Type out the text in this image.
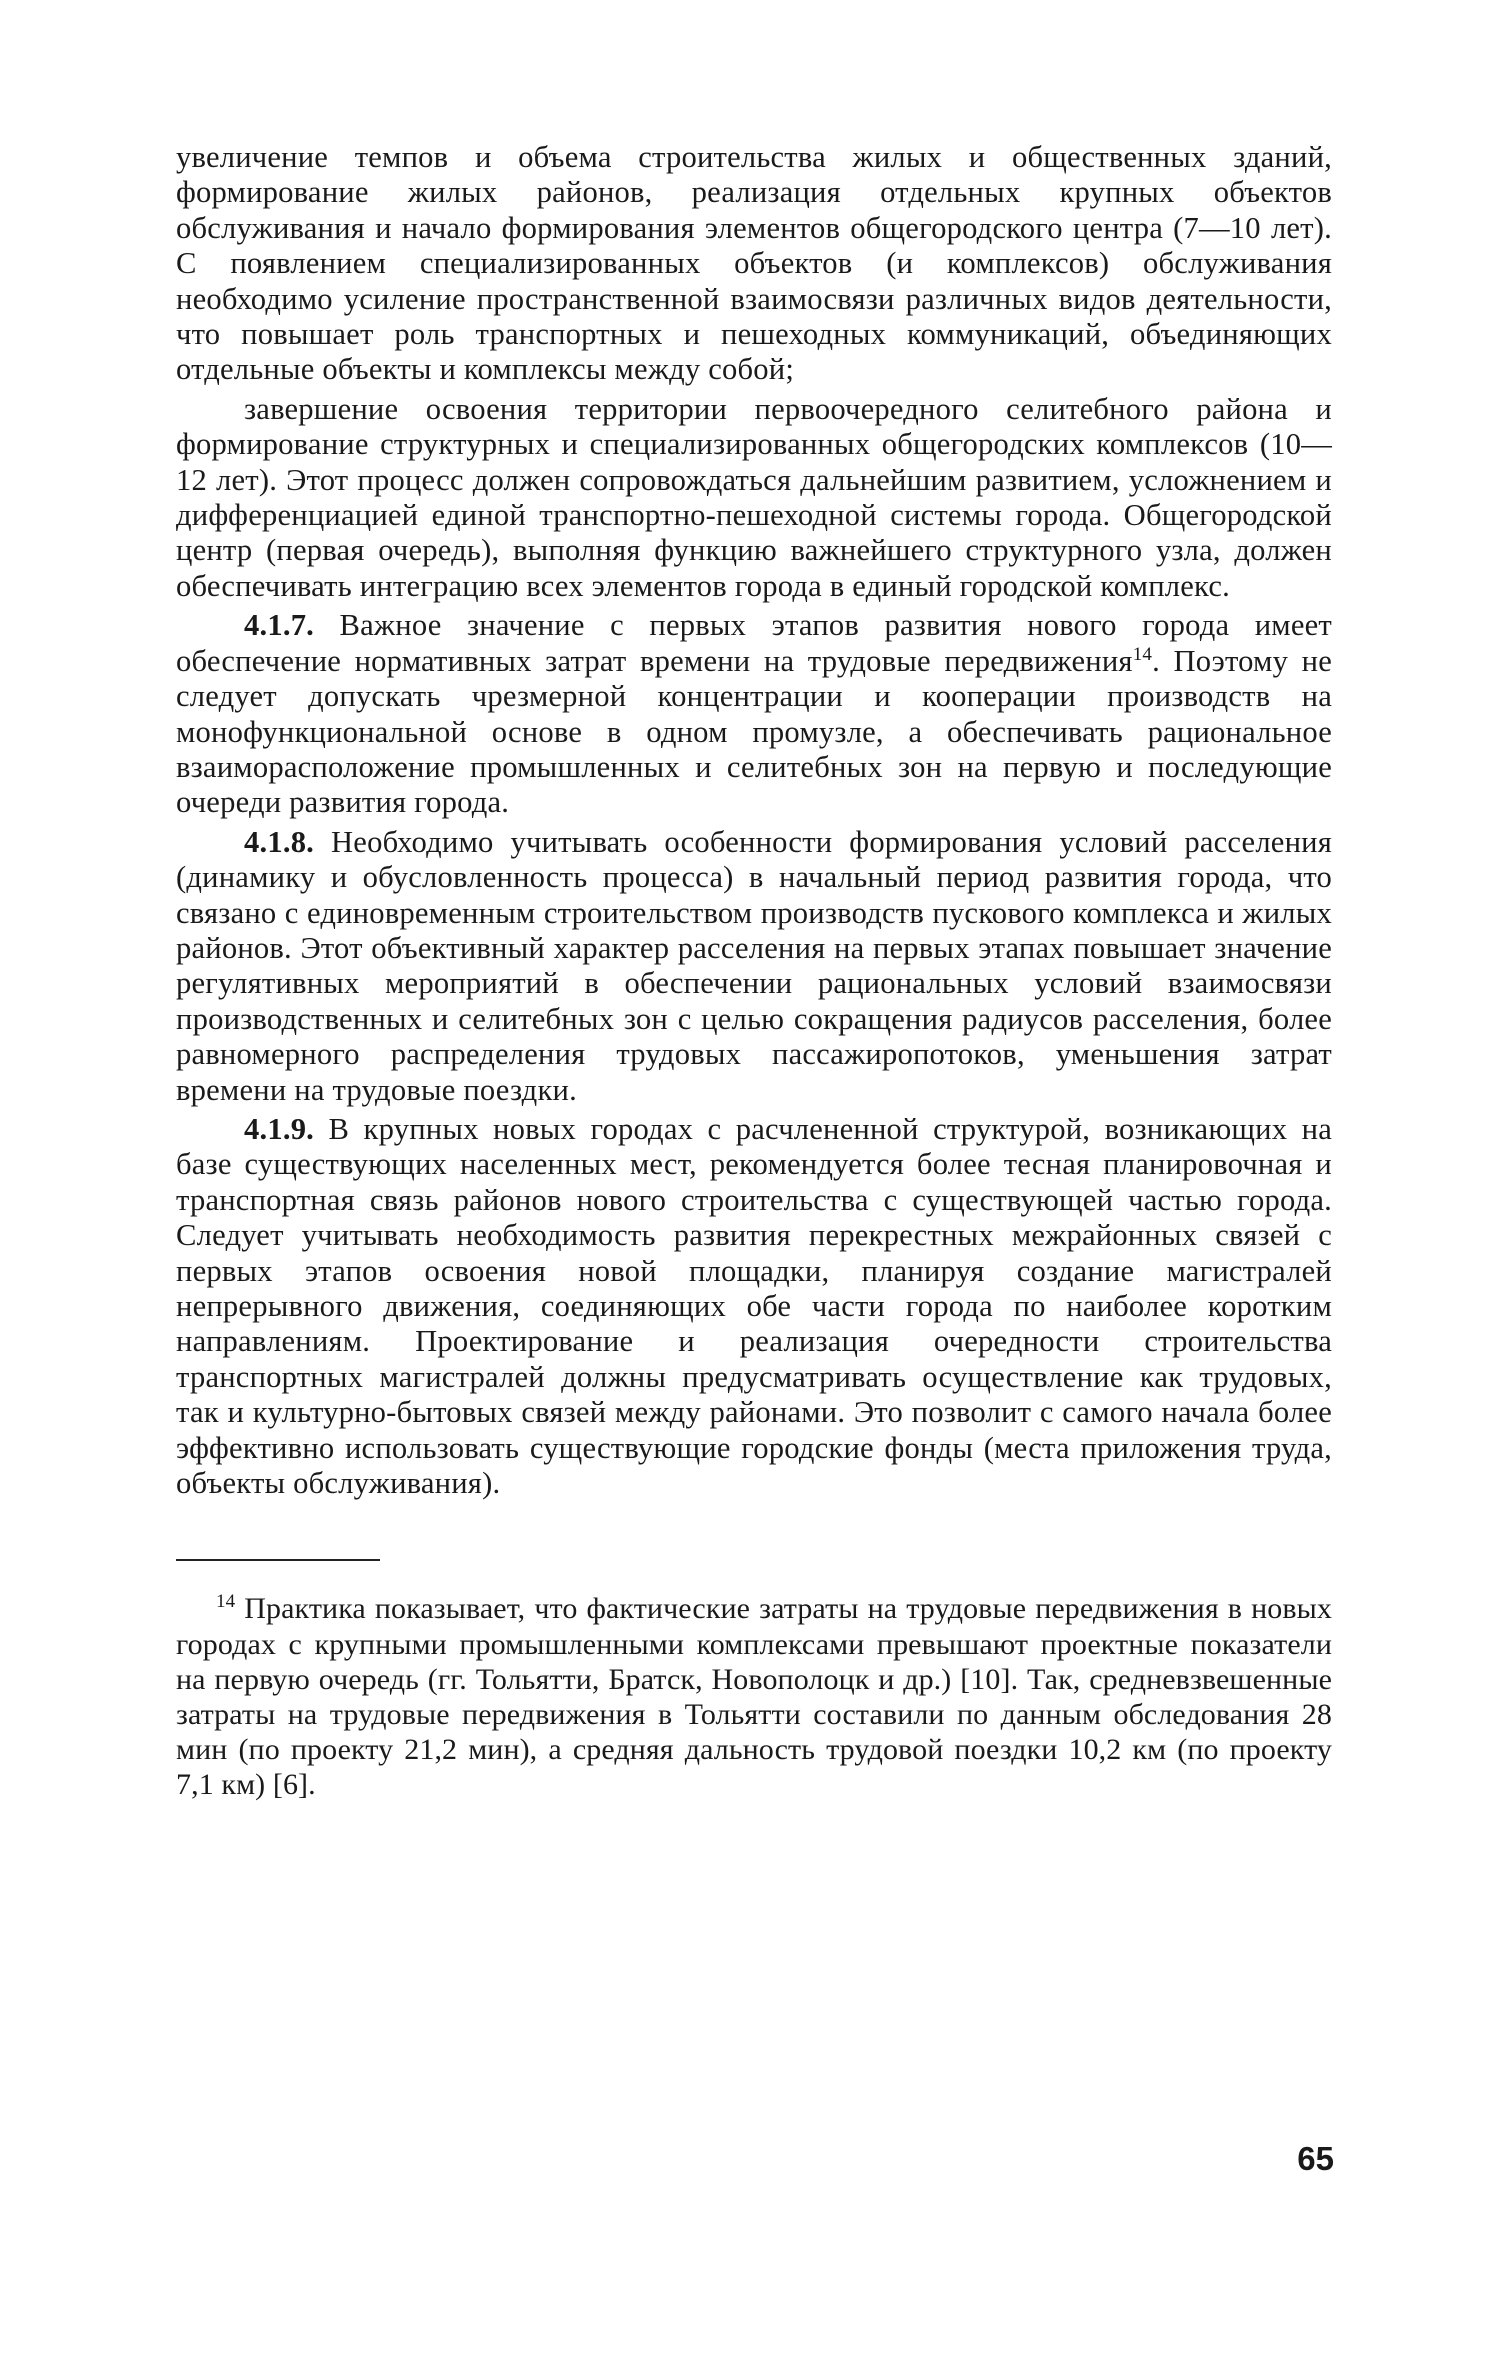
увеличение темпов и объема строительства жилых и общественных зданий, формирование жилых районов, реализация отдельных крупных объектов обслуживания и начало формирования элементов общегородского центра (7—10 лет). С появлением специализированных объектов (и комплексов) обслуживания необходимо усиление пространственной взаимосвязи различных видов деятельности, что повышает роль транспортных и пешеходных коммуникаций, объединяющих отдельные объекты и комплексы между собой;

завершение освоения территории первоочередного селитебного района и формирование структурных и специализированных общегородских комплексов (10—12 лет). Этот процесс должен сопровождаться дальнейшим развитием, усложнением и дифференциацией единой транспортно-пешеходной системы города. Общегородской центр (первая очередь), выполняя функцию важнейшего структурного узла, должен обеспечивать интеграцию всех элементов города в единый городской комплекс.

4.1.7. Важное значение с первых этапов развития нового города имеет обеспечение нормативных затрат времени на трудовые передвижения$^{14}$. Поэтому не следует допускать чрезмерной концентрации и кооперации производств на монофункциональной основе в одном промузле, а обеспечивать рациональное взаиморасположение промышленных и селитебных зон на первую и последующие очереди развития города.

4.1.8. Необходимо учитывать особенности формирования условий расселения (динамику и обусловленность процесса) в начальный период развития города, что связано с единовременным строительством производств пускового комплекса и жилых районов. Этот объективный характер расселения на первых этапах повышает значение регулятивных мероприятий в обеспечении рациональных условий взаимосвязи производственных и селитебных зон с целью сокращения радиусов расселения, более равномерного распределения трудовых пассажиропотоков, уменьшения затрат времени на трудовые поездки.

4.1.9. В крупных новых городах с расчлененной структурой, возникающих на базе существующих населенных мест, рекомендуется более тесная планировочная и транспортная связь районов нового строительства с существующей частью города. Следует учитывать необходимость развития перекрестных межрайонных связей с первых этапов освоения новой площадки, планируя создание магистралей непрерывного движения, соединяющих обе части города по наиболее коротким направлениям. Проектирование и реализация очередности строительства транспортных магистралей должны предусматривать осуществление как трудовых, так и культурно-бытовых связей между районами. Это позволит с самого начала более эффективно использовать существующие городские фонды (места приложения труда, объекты обслуживания).

$^{14}$ Практика показывает, что фактические затраты на трудовые передвижения в новых городах с крупными промышленными комплексами превышают проектные показатели на первую очередь (гг. Тольятти, Братск, Новополоцк и др.) [10]. Так, средневзвешенные затраты на трудовые передвижения в Тольятти составили по данным обследования 28 мин (по проекту 21,2 мин), а средняя дальность трудовой поездки 10,2 км (по проекту 7,1 км) [6].

65
